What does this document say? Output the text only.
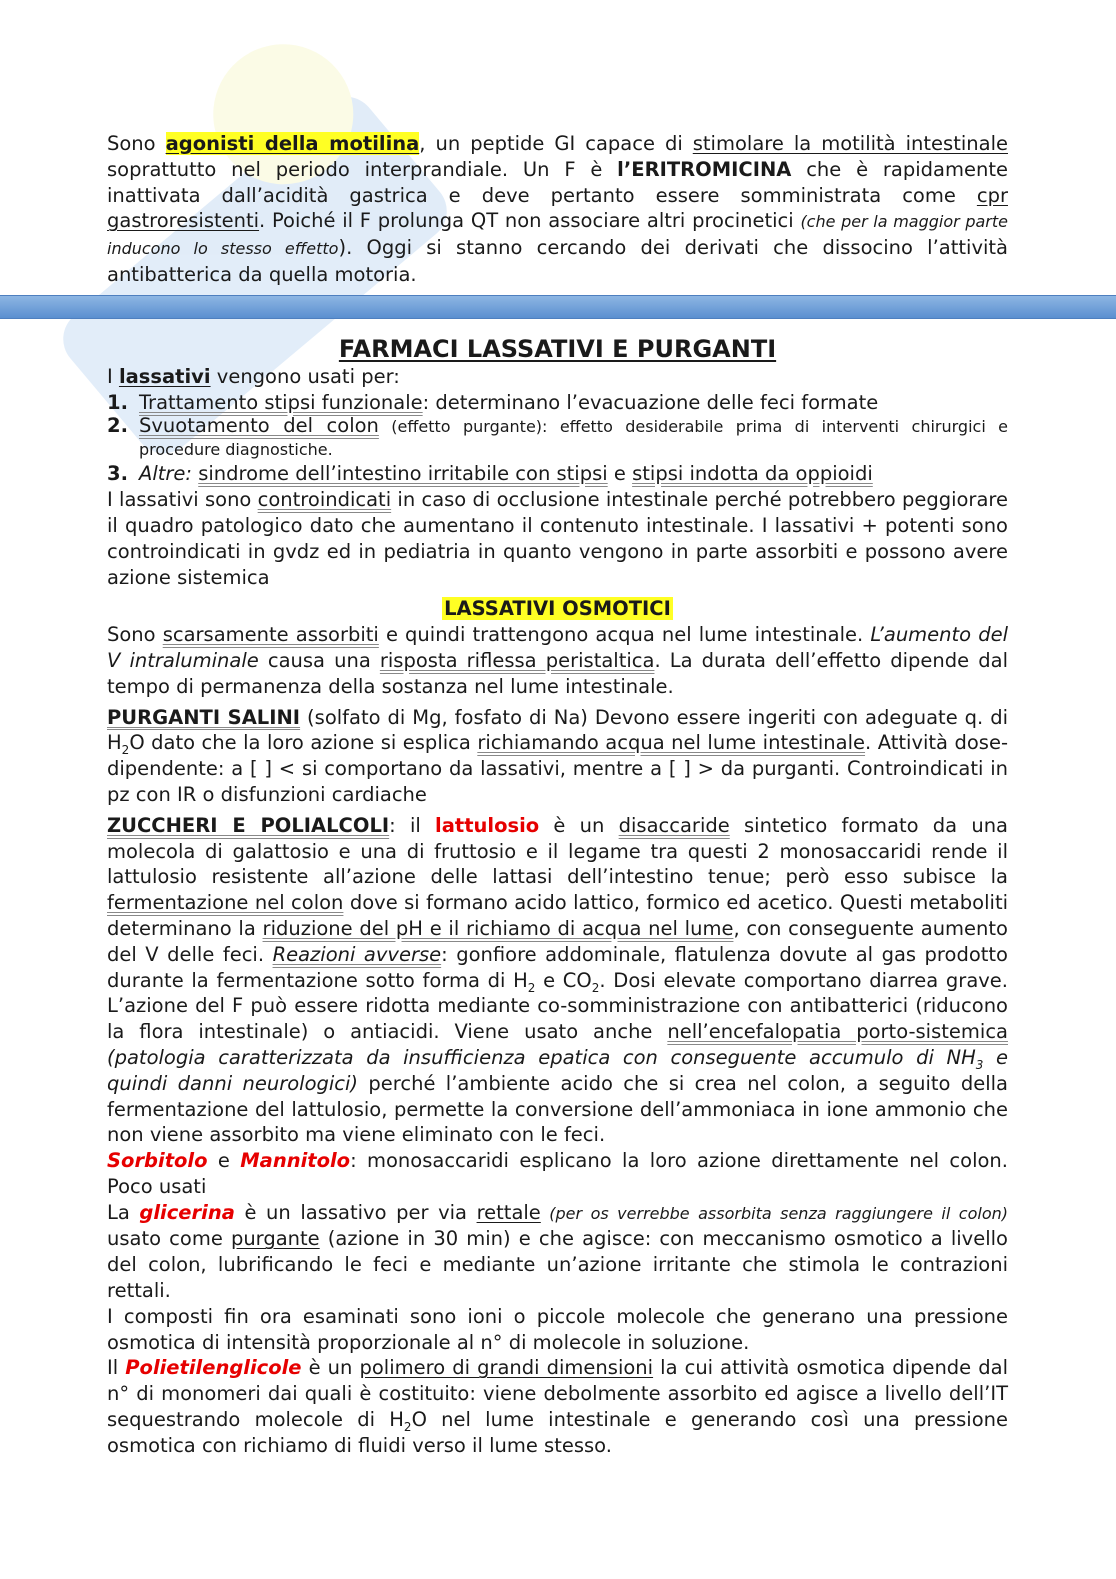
Sono agonisti della motilina, un peptide GI capace di stimolare la motilità intestinale soprattutto nel periodo interprandiale. Un F è l’ERITROMICINA che è rapidamente inattivata dall’acidità gastrica e deve pertanto essere somministrata come cpr gastroresistenti. Poiché il F prolunga QT non associare altri procinetici (che per la maggior parte inducono lo stesso effetto). Oggi si stanno cercando dei derivati che dissocino l’attività antibatterica da quella motoria.

FARMACI LASSATIVI E PURGANTI

I lassativi vengono usati per:

1. Trattamento stipsi funzionale: determinano l’evacuazione delle feci formate
2. Svuotamento del colon (effetto purgante): effetto desiderabile prima di interventi chirurgici e procedure diagnostiche.
3. Altre: sindrome dell’intestino irritabile con stipsi e stipsi indotta da oppioidi

I lassativi sono controindicati in caso di occlusione intestinale perché potrebbero peggiorare il quadro patologico dato che aumentano il contenuto intestinale. I lassativi + potenti sono controindicati in gvdz ed in pediatria in quanto vengono in parte assorbiti e possono avere azione sistemica

LASSATIVI OSMOTICI

Sono scarsamente assorbiti e quindi trattengono acqua nel lume intestinale. L’aumento del V intraluminale causa una risposta riflessa peristaltica. La durata dell’effetto dipende dal tempo di permanenza della sostanza nel lume intestinale.

PURGANTI SALINI (solfato di Mg, fosfato di Na) Devono essere ingeriti con adeguate q. di $H_2O$ dato che la loro azione si esplica richiamando acqua nel lume intestinale. Attività dose-dipendente: a [ ] < si comportano da lassativi, mentre a [ ] > da purganti. Controindicati in pz con IR o disfunzioni cardiache

ZUCCHERI E POLIALCOLI: il lattulosio è un disaccaride sintetico formato da una molecola di galattosio e una di fruttosio e il legame tra questi 2 monosaccaridi rende il lattulosio resistente all’azione delle lattasi dell’intestino tenue; però esso subisce la fermentazione nel colon dove si formano acido lattico, formico ed acetico. Questi metaboliti determinano la riduzione del pH e il richiamo di acqua nel lume, con conseguente aumento del V delle feci. Reazioni avverse: gonfiore addominale, flatulenza dovute al gas prodotto durante la fermentazione sotto forma di $H_2$ e $CO_2$. Dosi elevate comportano diarrea grave. L’azione del F può essere ridotta mediante co-somministrazione con antibatterici (riducono la flora intestinale) o antiacidi. Viene usato anche nell’encefalopatia porto-sistemica (patologia caratterizzata da insufficienza epatica con conseguente accumulo di $NH_3$ e quindi danni neurologici) perché l’ambiente acido che si crea nel colon, a seguito della fermentazione del lattulosio, permette la conversione dell’ammoniaca in ione ammonio che non viene assorbito ma viene eliminato con le feci.

Sorbitolo e Mannitolo: monosaccaridi esplicano la loro azione direttamente nel colon. Poco usati

La glicerina è un lassativo per via rettale (per os verrebbe assorbita senza raggiungere il colon) usato come purgante (azione in 30 min) e che agisce: con meccanismo osmotico a livello del colon, lubrificando le feci e mediante un’azione irritante che stimola le contrazioni rettali.

I composti fin ora esaminati sono ioni o piccole molecole che generano una pressione osmotica di intensità proporzionale al n° di molecole in soluzione.

Il Polietilenglicole è un polimero di grandi dimensioni la cui attività osmotica dipende dal n° di monomeri dai quali è costituito: viene debolmente assorbito ed agisce a livello dell’IT sequestrando molecole di $H_2O$ nel lume intestinale e generando così una pressione osmotica con richiamo di fluidi verso il lume stesso.
